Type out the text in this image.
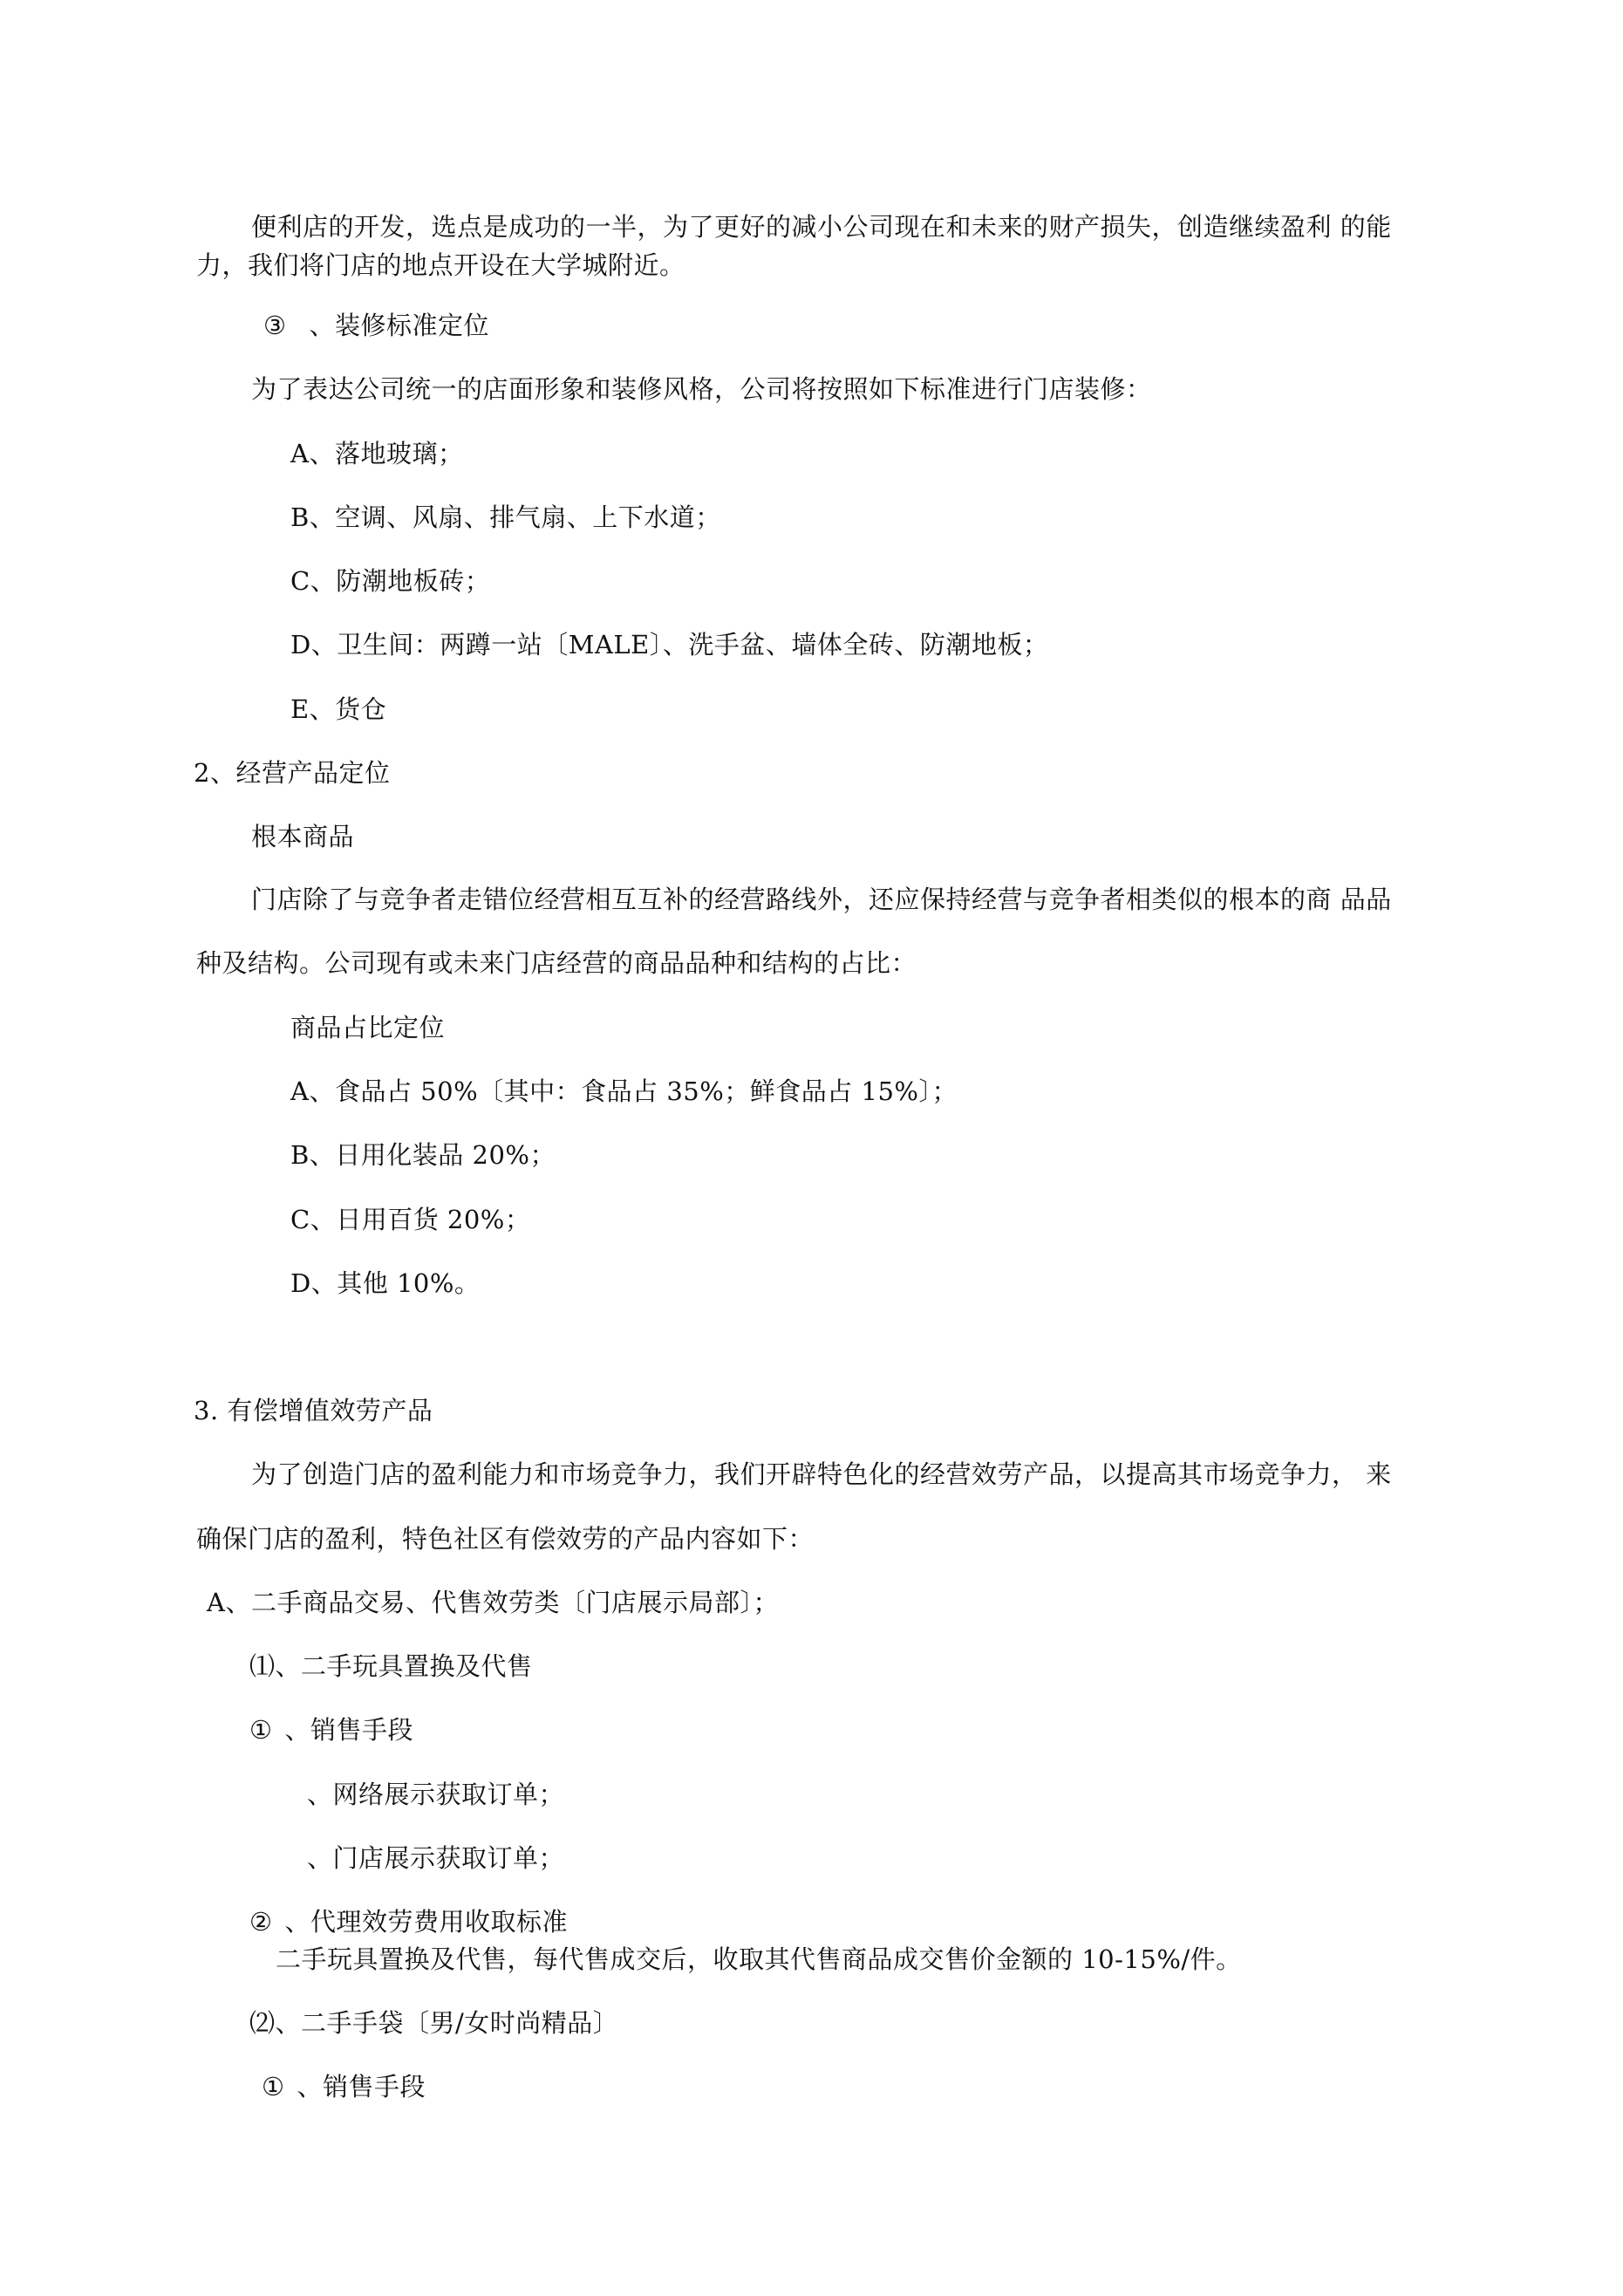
便利店的开发，选点是成功的一半，为了更好的减小公司现在和未来的财产损失，创造继续盈利 的能
力，我们将门店的地点开设在大学城附近。
③ 、装修标准定位
为了表达公司统一的店面形象和装修风格，公司将按照如下标准进行门店装修：
A、落地玻璃；
B、空调、风扇、排气扇、上下水道；
C、防潮地板砖；
D、卫生间：两蹲一站〔MALE〕、洗手盆、墙体全砖、防潮地板；
E、货仓
2、经营产品定位
根本商品
门店除了与竞争者走错位经营相互互补的经营路线外，还应保持经营与竞争者相类似的根本的商 品品
种及结构。公司现有或未来门店经营的商品品种和结构的占比：
商品占比定位
A、食品占 50%〔其中：食品占 35%；鲜食品占 15%〕；
B、日用化装品 20%；
C、日用百货 20%；
D、其他 10%。
3. 有偿增值效劳产品
为了创造门店的盈利能力和市场竞争力，我们开辟特色化的经营效劳产品，以提高其市场竞争力， 来
确保门店的盈利，特色社区有偿效劳的产品内容如下：
A、二手商品交易、代售效劳类〔门店展示局部〕；
⑴、二手玩具置换及代售
① 、销售手段
、网络展示获取订单；
、门店展示获取订单；
② 、代理效劳费用收取标准
二手玩具置换及代售，每代售成交后，收取其代售商品成交售价金额的 10-15%/件。
⑵、二手手袋〔男/女时尚精品〕
① 、销售手段
